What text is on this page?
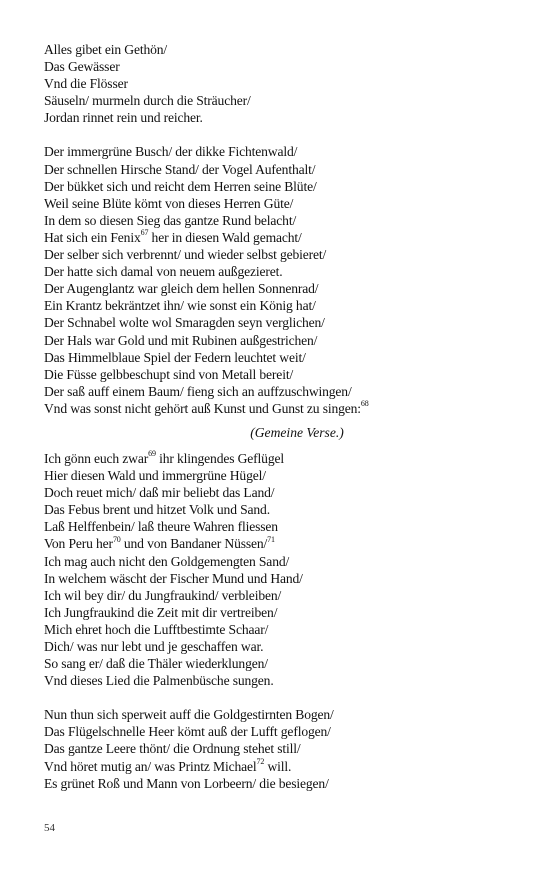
Alles gibet ein Gethön/
Das Gewässer
Vnd die Flösser
Säuseln/ murmeln durch die Sträucher/
Jordan rinnet rein und reicher.
Der immergrüne Busch/ der dikke Fichtenwald/
Der schnellen Hirsche Stand/ der Vogel Aufenthalt/
Der bükket sich und reicht dem Herren seine Blüte/
Weil seine Blüte kömt von dieses Herren Güte/
In dem so diesen Sieg das gantze Rund belacht/
Hat sich ein Fenix$^{67}$ her in diesen Wald gemacht/
Der selber sich verbrennt/ und wieder selbst gebieret/
Der hatte sich damal von neuem außgezieret.
Der Augenglantz war gleich dem hellen Sonnenrad/
Ein Krantz bekräntzet ihn/ wie sonst ein König hat/
Der Schnabel wolte wol Smaragden seyn verglichen/
Der Hals war Gold und mit Rubinen außgestrichen/
Das Himmelblaue Spiel der Federn leuchtet weit/
Die Füsse gelbbeschupt sind von Metall bereit/
Der saß auff einem Baum/ fieng sich an auffzuschwingen/
Vnd was sonst nicht gehört auß Kunst und Gunst zu singen:$^{68}$
(Gemeine Verse.)
Ich gönn euch zwar$^{69}$ ihr klingendes Geflügel
Hier diesen Wald und immergrüne Hügel/
Doch reuet mich/ daß mir beliebt das Land/
Das Febus brent und hitzet Volk und Sand.
Laß Helffenbein/ laß theure Wahren fliessen
Von Peru her$^{70}$ und von Bandaner Nüssen/$^{71}$
Ich mag auch nicht den Goldgemengten Sand/
In welchem wäscht der Fischer Mund und Hand/
Ich wil bey dir/ du Jungfraukind/ verbleiben/
Ich Jungfraukind die Zeit mit dir vertreiben/
Mich ehret hoch die Lufftbestimte Schaar/
Dich/ was nur lebt und je geschaffen war.
So sang er/ daß die Thäler wiederklungen/
Vnd dieses Lied die Palmenbüsche sungen.
Nun thun sich sperweit auff die Goldgestirnten Bogen/
Das Flügelschnelle Heer kömt auß der Lufft geflogen/
Das gantze Leere thönt/ die Ordnung stehet still/
Vnd höret mutig an/ was Printz Michael$^{72}$ will.
Es grünet Roß und Mann von Lorbeern/ die besiegen/
54
